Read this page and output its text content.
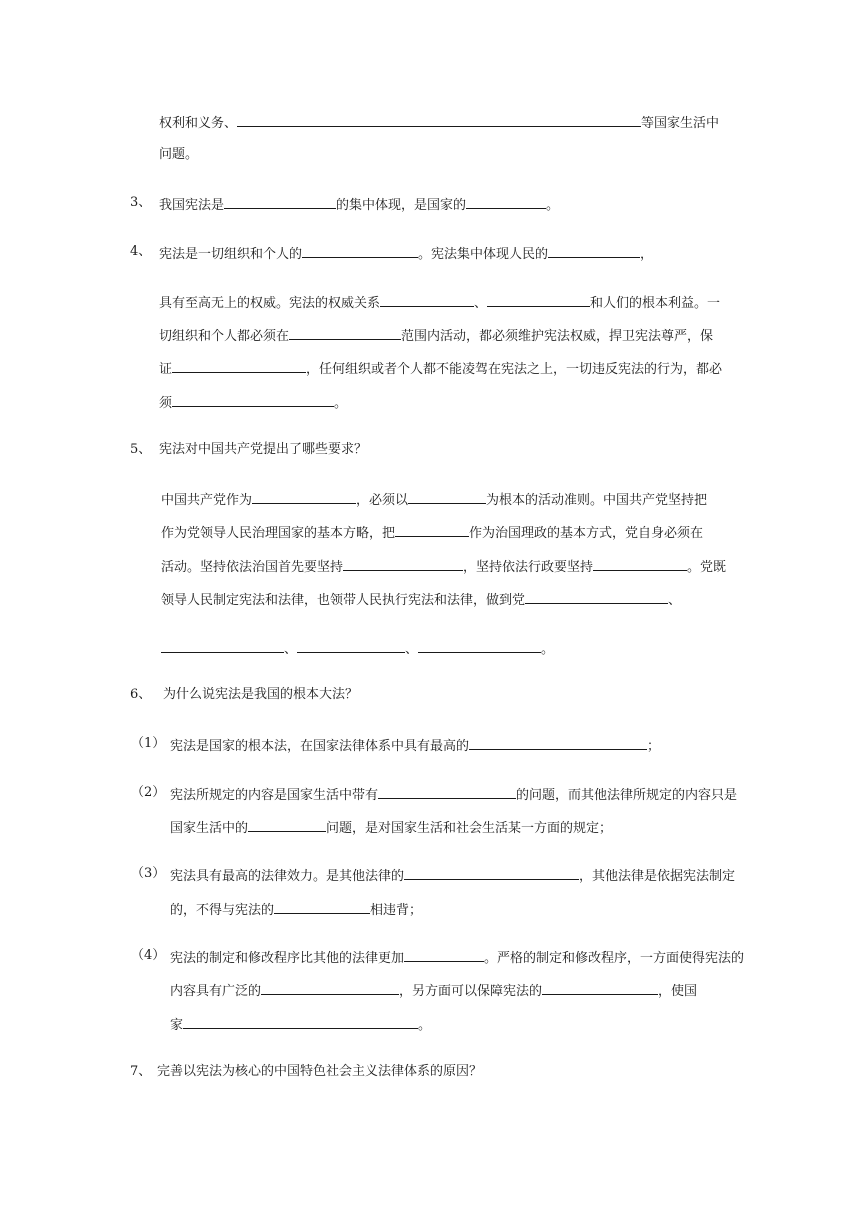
权利和义务、	等国家生活中
问题。
3、 我国宪法是	的集中体现，是国家的	。
4、 宪法是一切组织和个人的	。宪法集中体现人民的	，
具有至高无上的权威。宪法的权威关系	、	和人们的根本利益。一
切组织和个人都必须在	范围内活动，都必须维护宪法权威，捍卫宪法尊严，保
证	，任何组织或者个人都不能凌驾在宪法之上，一切违反宪法的行为，都必
须	。
5、 宪法对中国共产党提出了哪些要求？
中国共产党作为	，必须以	为根本的活动准则。中国共产党坚持把
作为党领导人民治理国家的基本方略，把	作为治国理政的基本方式，党自身必须在
活动。坚持依法治国首先要坚持	，坚持依法行政要坚持	。党既
领导人民制定宪法和法律，也领带人民执行宪法和法律，做到党	、
、	、	。
6、 为什么说宪法是我国的根本大法？
（1） 宪法是国家的根本法，在国家法律体系中具有最高的	；
（2） 宪法所规定的内容是国家生活中带有	的问题，而其他法律所规定的内容只是
国家生活中的	问题，是对国家生活和社会生活某一方面的规定；
（3） 宪法具有最高的法律效力。是其他法律的	，其他法律是依据宪法制定
的，不得与宪法的	相违背；
（4） 宪法的制定和修改程序比其他的法律更加	。严格的制定和修改程序，一方面使得宪法的
内容具有广泛的	，另方面可以保障宪法的	，使国
家	。
7、 完善以宪法为核心的中国特色社会主义法律体系的原因？
